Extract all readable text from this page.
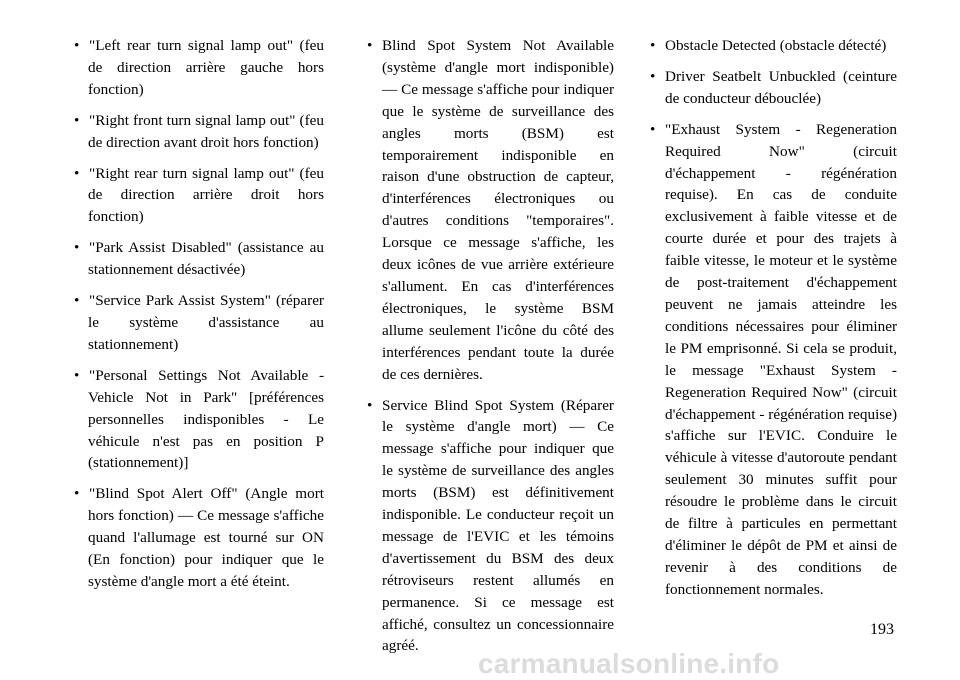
• "Left rear turn signal lamp out" (feu de direction arrière gauche hors fonction)
• "Right front turn signal lamp out" (feu de direction avant droit hors fonction)
• "Right rear turn signal lamp out" (feu de direction arrière droit hors fonction)
• "Park Assist Disabled" (assistance au stationnement désactivée)
• "Service Park Assist System" (réparer le système d'assistance au stationnement)
• "Personal Settings Not Available - Vehicle Not in Park" [préférences personnelles indisponibles - Le véhicule n'est pas en position P (stationnement)]
• "Blind Spot Alert Off" (Angle mort hors fonction) — Ce message s'affiche quand l'allumage est tourné sur ON (En fonction) pour indiquer que le système d'angle mort a été éteint.
• Blind Spot System Not Available (système d'angle mort indisponible) — Ce message s'affiche pour indiquer que le système de surveillance des angles morts (BSM) est temporairement indisponible en raison d'une obstruction de capteur, d'interférences électroniques ou d'autres conditions "temporaires". Lorsque ce message s'affiche, les deux icônes de vue arrière extérieure s'allument. En cas d'interférences électroniques, le système BSM allume seulement l'icône du côté des interférences pendant toute la durée de ces dernières.
• Service Blind Spot System (Réparer le système d'angle mort) — Ce message s'affiche pour indiquer que le système de surveillance des angles morts (BSM) est définitivement indisponible. Le conducteur reçoit un message de l'EVIC et les témoins d'avertissement du BSM des deux rétroviseurs restent allumés en permanence. Si ce message est affiché, consultez un concessionnaire agréé.
• Obstacle Detected (obstacle détecté)
• Driver Seatbelt Unbuckled (ceinture de conducteur débouclée)
• "Exhaust System - Regeneration Required Now" (circuit d'échappement - régénération requise). En cas de conduite exclusivement à faible vitesse et de courte durée et pour des trajets à faible vitesse, le moteur et le système de post-traitement d'échappement peuvent ne jamais atteindre les conditions nécessaires pour éliminer le PM emprisonné. Si cela se produit, le message "Exhaust System - Regeneration Required Now" (circuit d'échappement - régénération requise) s'affiche sur l'EVIC. Conduire le véhicule à vitesse d'autoroute pendant seulement 30 minutes suffit pour résoudre le problème dans le circuit de filtre à particules en permettant d'éliminer le dépôt de PM et ainsi de revenir à des conditions de fonctionnement normales.
193
carmanualsonline.info
